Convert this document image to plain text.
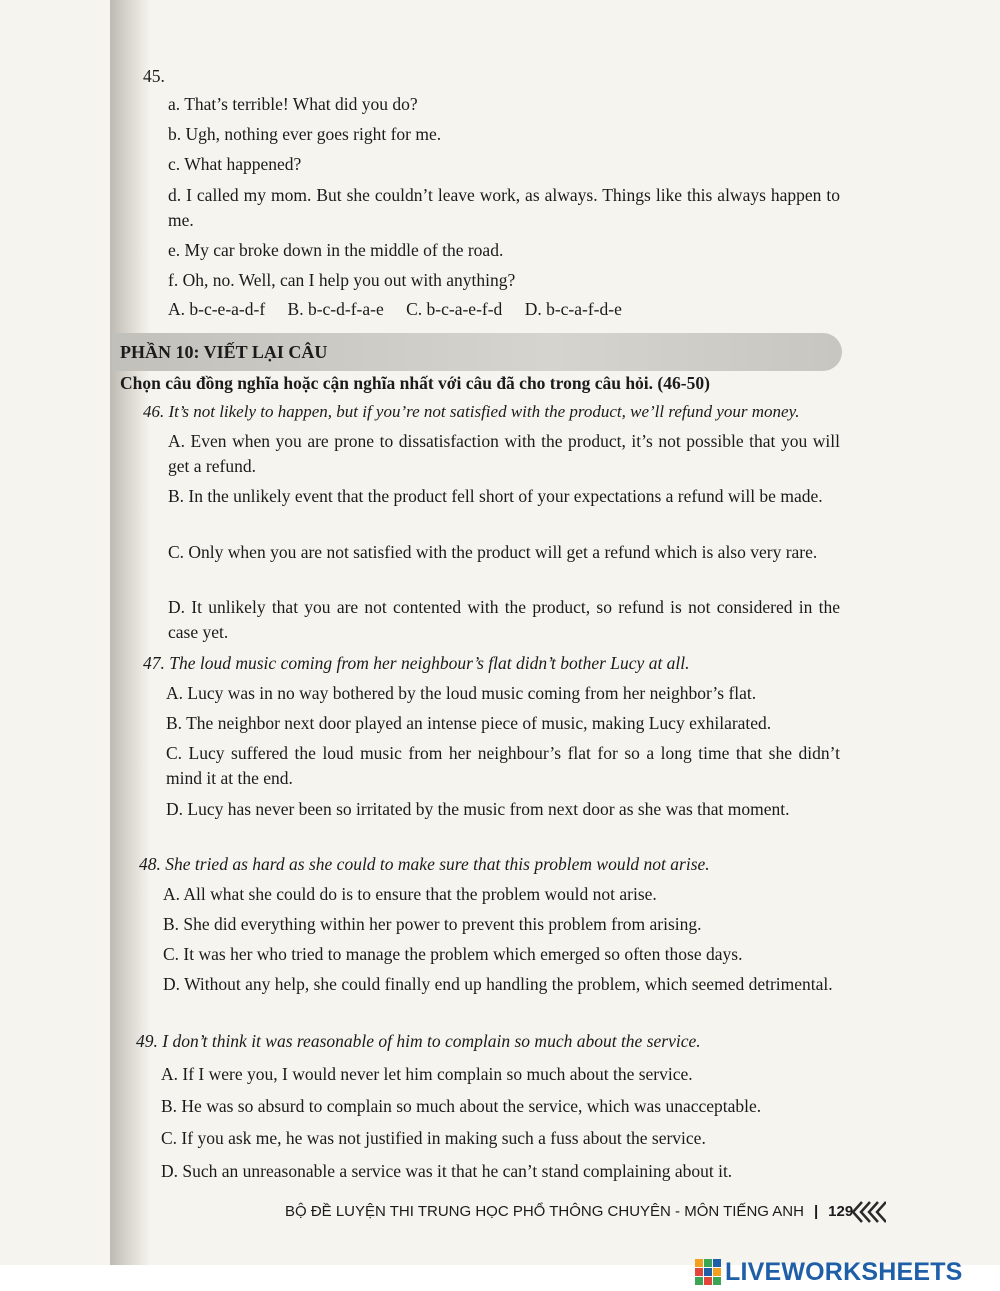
45.
a. That’s terrible! What did you do?
b. Ugh, nothing ever goes right for me.
c. What happened?
d. I called my mom. But she couldn’t leave work, as always. Things like this always happen to me.
e. My car broke down in the middle of the road.
f. Oh, no. Well, can I help you out with anything?
A. b-c-e-a-d-f B. b-c-d-f-a-e C. b-c-a-e-f-d D. b-c-a-f-d-e
PHẦN 10: VIẾT LẠI CÂU
Chọn câu đồng nghĩa hoặc cận nghĩa nhất với câu đã cho trong câu hỏi. (46-50)
46. It’s not likely to happen, but if you’re not satisfied with the product, we’ll refund your money.
A. Even when you are prone to dissatisfaction with the product, it’s not possible that you will get a refund.
B. In the unlikely event that the product fell short of your expectations a refund will be made.
C. Only when you are not satisfied with the product will get a refund which is also very rare.
D. It unlikely that you are not contented with the product, so refund is not considered in the case yet.
47. The loud music coming from her neighbour’s flat didn’t bother Lucy at all.
A. Lucy was in no way bothered by the loud music coming from her neighbor’s flat.
B. The neighbor next door played an intense piece of music, making Lucy exhilarated.
C. Lucy suffered the loud music from her neighbour’s flat for so a long time that she didn’t mind it at the end.
D. Lucy has never been so irritated by the music from next door as she was that moment.
48. She tried as hard as she could to make sure that this problem would not arise.
A. All what she could do is to ensure that the problem would not arise.
B. She did everything within her power to prevent this problem from arising.
C. It was her who tried to manage the problem which emerged so often those days.
D. Without any help, she could finally end up handling the problem, which seemed detrimental.
49. I don’t think it was reasonable of him to complain so much about the service.
A. If I were you, I would never let him complain so much about the service.
B. He was so absurd to complain so much about the service, which was unacceptable.
C. If you ask me, he was not justified in making such a fuss about the service.
D. Such an unreasonable a service was it that he can’t stand complaining about it.
BỘ ĐỀ LUYỆN THI TRUNG HỌC PHỔ THÔNG CHUYÊN - MÔN TIẾNG ANH | 129
LIVEWORKSHEETS
